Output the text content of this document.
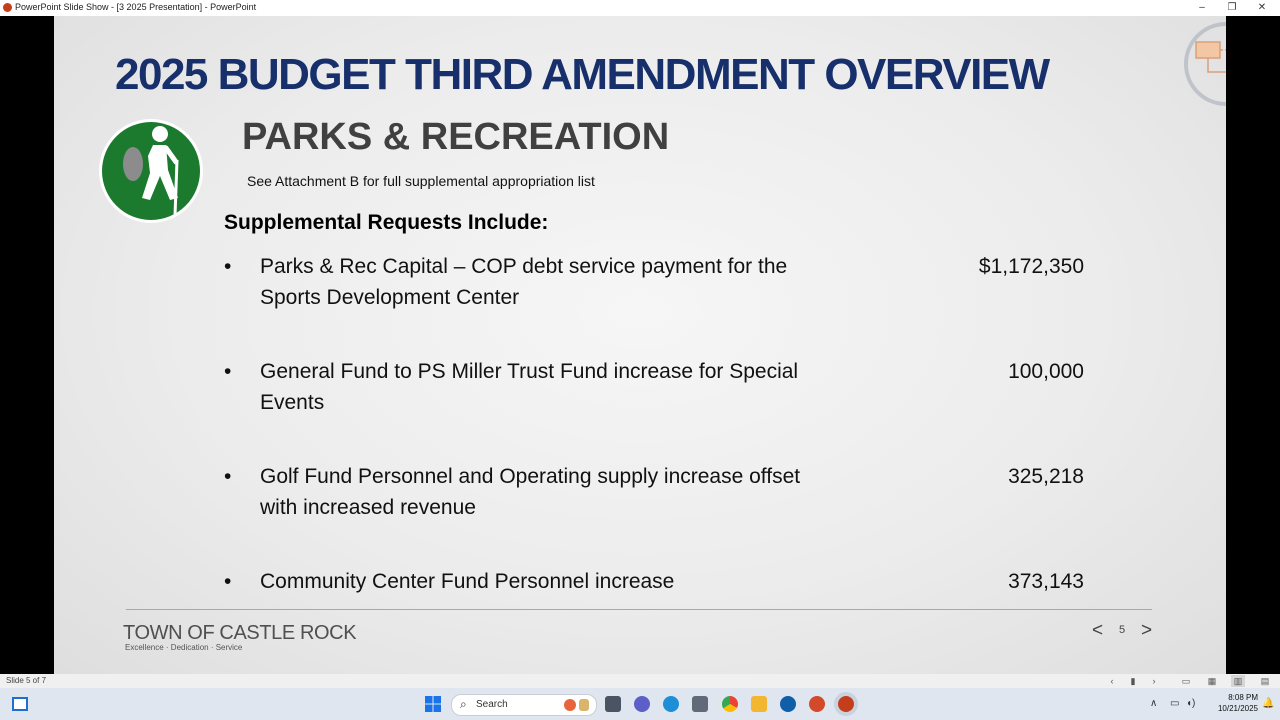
PowerPoint Slide Show - [3 2025 Presentation] - PowerPoint	–	❐	✕
2025 BUDGET THIRD AMENDMENT OVERVIEW
PARKS & RECREATION
See Attachment B for full supplemental appropriation list
Supplemental Requests Include:
• Parks & Rec Capital – COP debt service payment for the
Sports Development Center
$1,172,350
• General Fund to PS Miller Trust Fund increase for Special
Events
100,000
• Golf Fund Personnel and Operating supply increase offset
with increased revenue
325,218
• Community Center Fund Personnel increase	373,143
TOWN OF CASTLE ROCK
Excellence · Dedication · Service
< 5 >
Slide 5 of 7	‹	▮	›	▭	▦	▥	▤
⌕ Search	∧ ▭ ◖)
8:08 PM
10/21/2025 🔔
